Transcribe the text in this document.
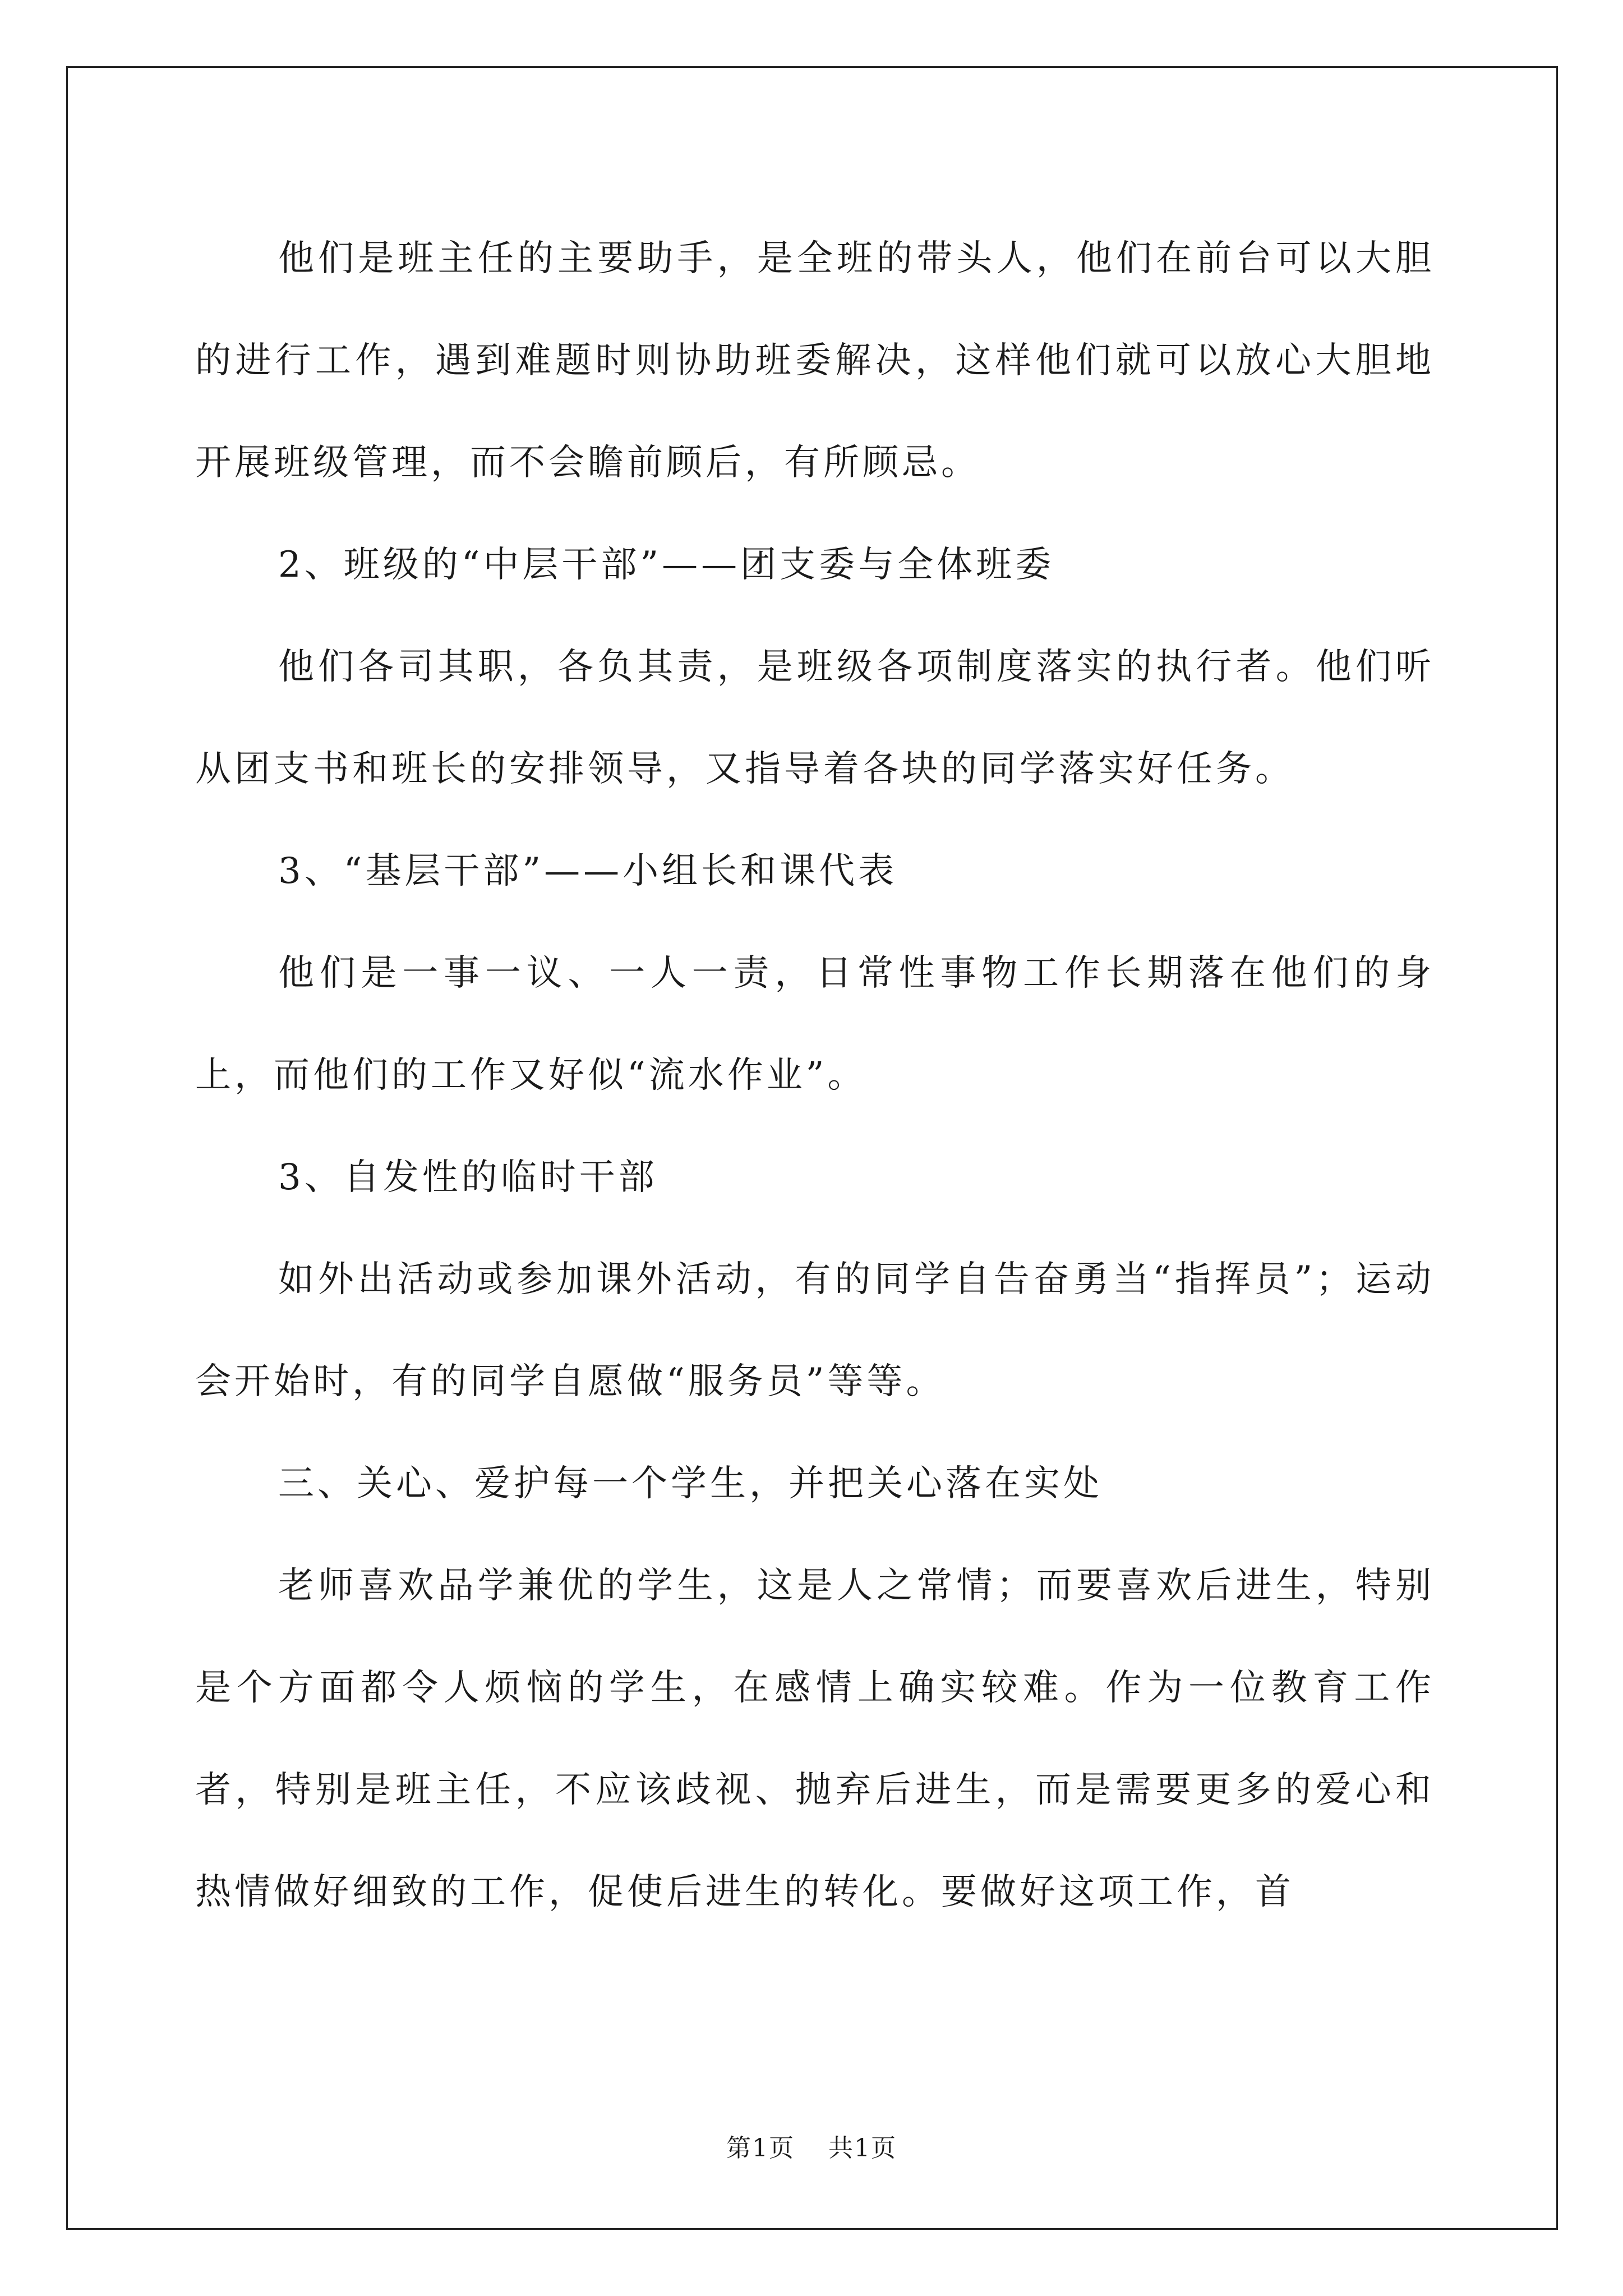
他们是班主任的主要助手，是全班的带头人，他们在前台可以大胆的进行工作，遇到难题时则协助班委解决，这样他们就可以放心大胆地开展班级管理，而不会瞻前顾后，有所顾忌。

2、班级的“中层干部”——团支委与全体班委

他们各司其职，各负其责，是班级各项制度落实的执行者。他们听从团支书和班长的安排领导，又指导着各块的同学落实好任务。

3、“基层干部”——小组长和课代表

他们是一事一议、一人一责，日常性事物工作长期落在他们的身上，而他们的工作又好似“流水作业”。

3、自发性的临时干部

如外出活动或参加课外活动，有的同学自告奋勇当“指挥员”；运动会开始时，有的同学自愿做“服务员”等等。

三、关心、爱护每一个学生，并把关心落在实处

老师喜欢品学兼优的学生，这是人之常情；而要喜欢后进生，特别是个方面都令人烦恼的学生，在感情上确实较难。作为一位教育工作者，特别是班主任，不应该歧视、抛弃后进生，而是需要更多的爱心和热情做好细致的工作，促使后进生的转化。要做好这项工作，首

第1页 共1页
